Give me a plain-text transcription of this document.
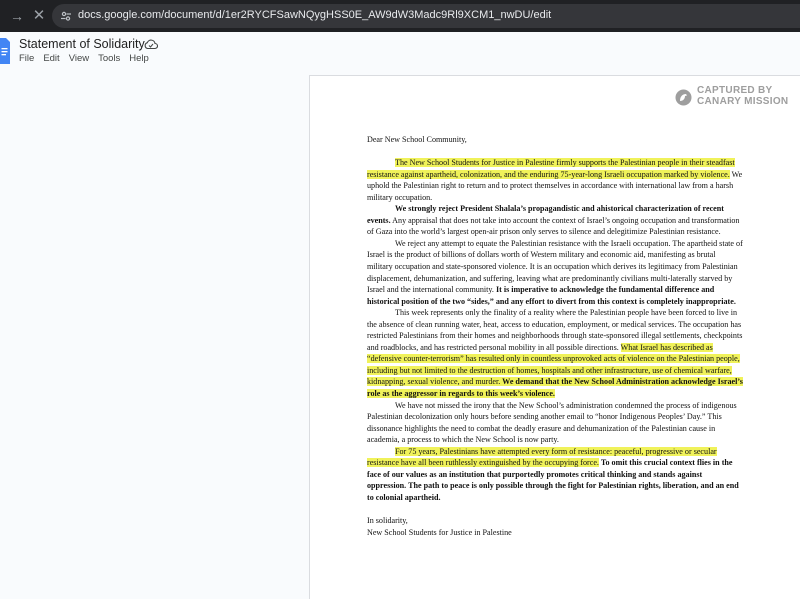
→ ✕	docs.google.com/document/d/1er2RYCFSawNQygHSS0E_AW9dW3Madc9Rl9XCM1_nwDU/edit
Statement of Solidarity
File Edit View Tools Help
CAPTURED BY
CANARY MISSION

Dear New School Community,

The New School Students for Justice in Palestine firmly supports the Palestinian people in their steadfast resistance against apartheid, colonization, and the enduring 75-year-long Israeli occupation marked by violence. We uphold the Palestinian right to return and to protect themselves in accordance with international law from a harsh military occupation.

We strongly reject President Shalala’s propagandistic and ahistorical characterization of recent events. Any appraisal that does not take into account the context of Israel’s ongoing occupation and transformation of Gaza into the world’s largest open-air prison only serves to silence and delegitimize Palestinian resistance.

We reject any attempt to equate the Palestinian resistance with the Israeli occupation. The apartheid state of Israel is the product of billions of dollars worth of Western military and economic aid, manifesting as brutal military occupation and state-sponsored violence. It is an occupation which derives its legitimacy from Palestinian displacement, dehumanization, and suffering, leaving what are predominantly civilians multi-laterally starved by Israel and the international community. It is imperative to acknowledge the fundamental difference and historical position of the two “sides,” and any effort to divert from this context is completely inappropriate.

This week represents only the finality of a reality where the Palestinian people have been forced to live in the absence of clean running water, heat, access to education, employment, or medical services. The occupation has restricted Palestinians from their homes and neighborhoods through state-sponsored illegal settlements, checkpoints and roadblocks, and has restricted personal mobility in all possible directions. What Israel has described as “defensive counter-terrorism” has resulted only in countless unprovoked acts of violence on the Palestinian people, including but not limited to the destruction of homes, hospitals and other infrastructure, use of chemical warfare, kidnapping, sexual violence, and murder. We demand that the New School Administration acknowledge Israel’s role as the aggressor in regards to this week’s violence.

We have not missed the irony that the New School’s administration condemned the process of indigenous Palestinian decolonization only hours before sending another email to “honor Indigenous Peoples’ Day.” This dissonance highlights the need to combat the deadly erasure and dehumanization of the Palestinian cause in academia, a process to which the New School is now party.

For 75 years, Palestinians have attempted every form of resistance: peaceful, progressive or secular resistance have all been ruthlessly extinguished by the occupying force. To omit this crucial context flies in the face of our values as an institution that purportedly promotes critical thinking and stands against oppression. The path to peace is only possible through the fight for Palestinian rights, liberation, and an end to colonial apartheid.

In solidarity,

New School Students for Justice in Palestine
